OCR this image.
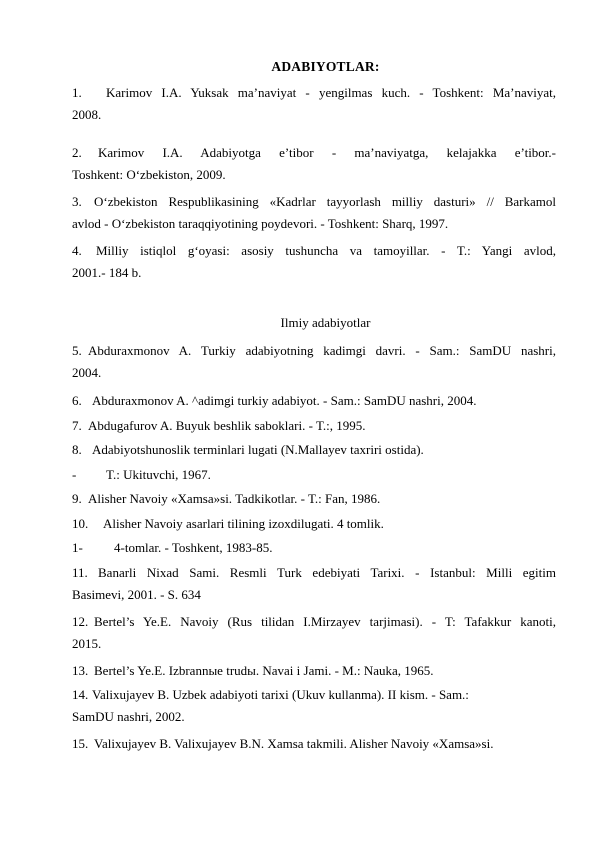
ADABIYOTLAR:
1. Karimov I.A. Yuksak ma’naviyat - yengilmas kuch. - Toshkent: Ma’naviyat,
2008.
2. Karimov I.A. Adabiyotga e’tibor - ma’naviyatga, kelajakka e’tibor.-
Toshkent: O‘zbekiston, 2009.
3. O‘zbekiston Respublikasining «Kadrlar tayyorlash milliy dasturi» // Barkamol
avlod - O‘zbekiston taraqqiyotining poydevori. - Toshkent: Sharq, 1997.
4. Milliy istiqlol g‘oyasi: asosiy tushuncha va tamoyillar. - T.: Yangi avlod,
2001.- 184 b.
Ilmiy adabiyotlar
5. Abduraxmonov A. Turkiy adabiyotning kadimgi davri. - Sam.: SamDU nashri,
2004.
6. Abduraxmonov A. ^adimgi turkiy adabiyot. - Sam.: SamDU nashri, 2004.
7. Abdugafurov A. Buyuk beshlik saboklari. - T.:, 1995.
8. Adabiyotshunoslik terminlari lugati (N.Mallayev taxriri ostida).
- T.: Ukituvchi, 1967.
9. Alisher Navoiy «Xamsa»si. Tadkikotlar. - T.: Fan, 1986.
10. Alisher Navoiy asarlari tilining izoxdilugati. 4 tomlik.
1- 4-tomlar. - Toshkent, 1983-85.
11. Banarli Nixad Sami. Resmli Turk edebiyati Tarixi. - Istanbul: Milli egitim
Basimevi, 2001. - S. 634
12. Bertel’s Ye.E. Navoiy (Rus tilidan I.Mirzayev tarjimasi). - T: Tafakkur kanoti,
2015.
13. Bertel’s Ye.E. Izbrannыe trudы. Navai i Jami. - M.: Nauka, 1965.
14. Valixujayev B. Uzbek adabiyoti tarixi (Ukuv kullanma). II kism. - Sam.:
SamDU nashri, 2002.
15. Valixujayev B. Valixujayev B.N. Xamsa takmili. Alisher Navoiy «Xamsa»si.
